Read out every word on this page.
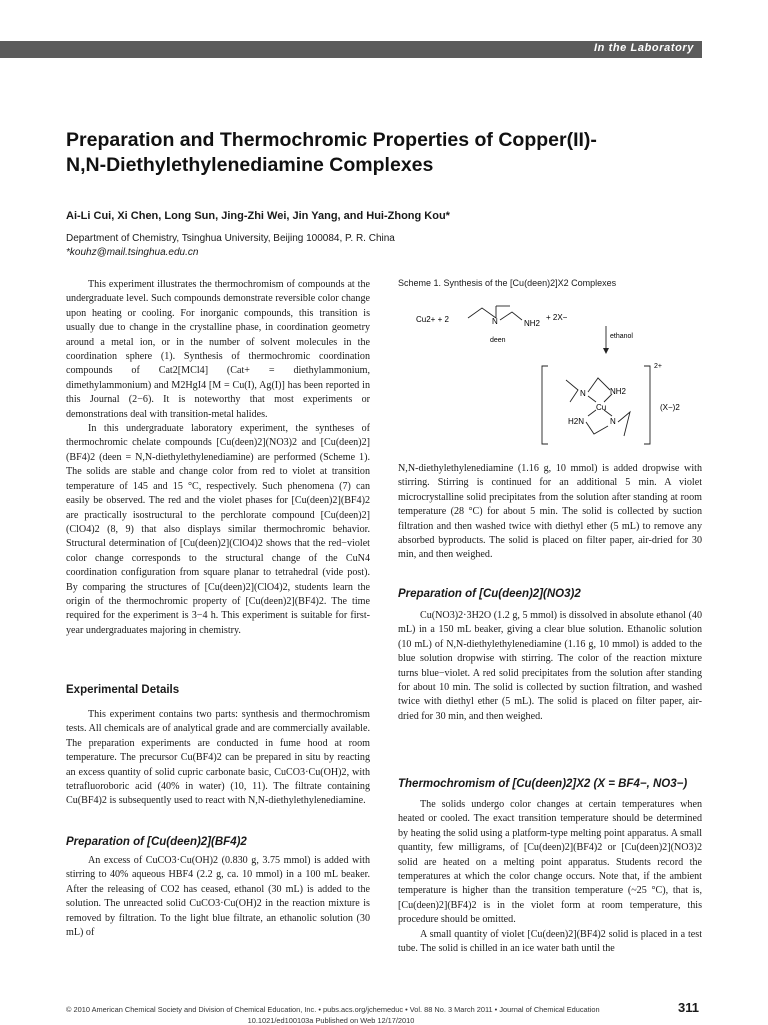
In the Laboratory
Preparation and Thermochromic Properties of Copper(II)-N,N-Diethylethylenediamine Complexes
Ai-Li Cui, Xi Chen, Long Sun, Jing-Zhi Wei, Jin Yang, and Hui-Zhong Kou*
Department of Chemistry, Tsinghua University, Beijing 100084, P. R. China
*kouhz@mail.tsinghua.edu.cn

This experiment illustrates the thermochromism of compounds at the undergraduate level. Such compounds demonstrate reversible color change upon heating or cooling. For inorganic compounds, this transition is usually due to change in the crystalline phase, in coordination geometry around a metal ion, or in the number of solvent molecules in the coordination sphere (1). Synthesis of thermochromic coordination compounds of Cat2[MCl4] (Cat+ = diethylammonium, dimethylammonium) and M2HgI4 [M = Cu(I), Ag(I)] has been reported in this Journal (2−6). It is noteworthy that most experiments or demonstrations deal with transition-metal halides.

In this undergraduate laboratory experiment, the syntheses of thermochromic chelate compounds [Cu(deen)2](NO3)2 and [Cu(deen)2](BF4)2 (deen = N,N-diethylethylenediamine) are performed (Scheme 1). The solids are stable and change color from red to violet at transition temperature of 145 and 15 °C, respectively. Such phenomena (7) can easily be observed. The red and the violet phases for [Cu(deen)2](BF4)2 are practically isostructural to the perchlorate compound [Cu(deen)2](ClO4)2 (8, 9) that also displays similar thermochromic behavior. Structural determination of [Cu(deen)2](ClO4)2 shows that the red−violet color change corresponds to the structural change of the CuN4 coordination configuration from square planar to tetrahedral (vide post). By comparing the structures of [Cu(deen)2](ClO4)2, students learn the origin of the thermochromic property of [Cu(deen)2](BF4)2. The time required for the experiment is 3−4 h. This experiment is suitable for first-year undergraduates majoring in chemistry.

Experimental Details

This experiment contains two parts: synthesis and thermochromism tests. All chemicals are of analytical grade and are commercially available. The preparation experiments are conducted in fume hood at room temperature. The precursor Cu(BF4)2 can be prepared in situ by reacting an excess quantity of solid cupric carbonate basic, CuCO3·Cu(OH)2, with tetrafluoroboric acid (40% in water) (10, 11). The filtrate containing Cu(BF4)2 is subsequently used to react with N,N-diethylethylenediamine.

Preparation of [Cu(deen)2](BF4)2

An excess of CuCO3·Cu(OH)2 (0.830 g, 3.75 mmol) is added with stirring to 40% aqueous HBF4 (2.2 g, ca. 10 mmol) in a 100 mL beaker. After the releasing of CO2 has ceased, ethanol (30 mL) is added to the solution. The unreacted solid CuCO3·Cu(OH)2 in the reaction mixture is removed by filtration. To the light blue filtrate, an ethanolic solution (30 mL) of

Scheme 1. Synthesis of the [Cu(deen)2]X2 Complexes
Cu2+ + 2	N	NH2
deen
+ 2X−
ethanol
2+
(X−)2
N	NH2
Cu
H2N	N

N,N-diethylethylenediamine (1.16 g, 10 mmol) is added dropwise with stirring. Stirring is continued for an additional 5 min. A violet microcrystalline solid precipitates from the solution after standing at room temperature (28 °C) for about 5 min. The solid is collected by suction filtration and then washed twice with diethyl ether (5 mL) to remove any absorbed byproducts. The solid is placed on filter paper, air-dried for 30 min, and then weighed.

Preparation of [Cu(deen)2](NO3)2

Cu(NO3)2·3H2O (1.2 g, 5 mmol) is dissolved in absolute ethanol (40 mL) in a 150 mL beaker, giving a clear blue solution. Ethanolic solution (10 mL) of N,N-diethylethylenediamine (1.16 g, 10 mmol) is added to the blue solution dropwise with stirring. The color of the reaction mixture turns blue−violet. A red solid precipitates from the solution after standing for about 10 min. The solid is collected by suction filtration, and washed twice with diethyl ether (5 mL). The solid is placed on filter paper, air-dried for 30 min, and then weighed.

Thermochromism of [Cu(deen)2]X2 (X = BF4−, NO3−)

The solids undergo color changes at certain temperatures when heated or cooled. The exact transition temperature should be determined by heating the solid using a platform-type melting point apparatus. A small quantity, few milligrams, of [Cu(deen)2](BF4)2 or [Cu(deen)2](NO3)2 solid are heated on a melting point apparatus. Students record the temperatures at which the color change occurs. Note that, if the ambient temperature is higher than the transition temperature (~25 °C), that is, [Cu(deen)2](BF4)2 is in the violet form at room temperature, this procedure should be omitted.

A small quantity of violet [Cu(deen)2](BF4)2 solid is placed in a test tube. The solid is chilled in an ice water bath until the

© 2010 American Chemical Society and Division of Chemical Education, Inc. • pubs.acs.org/jchemeduc • Vol. 88 No. 3 March 2011 • Journal of Chemical Education
10.1021/ed100103a Published on Web 12/17/2010
311
